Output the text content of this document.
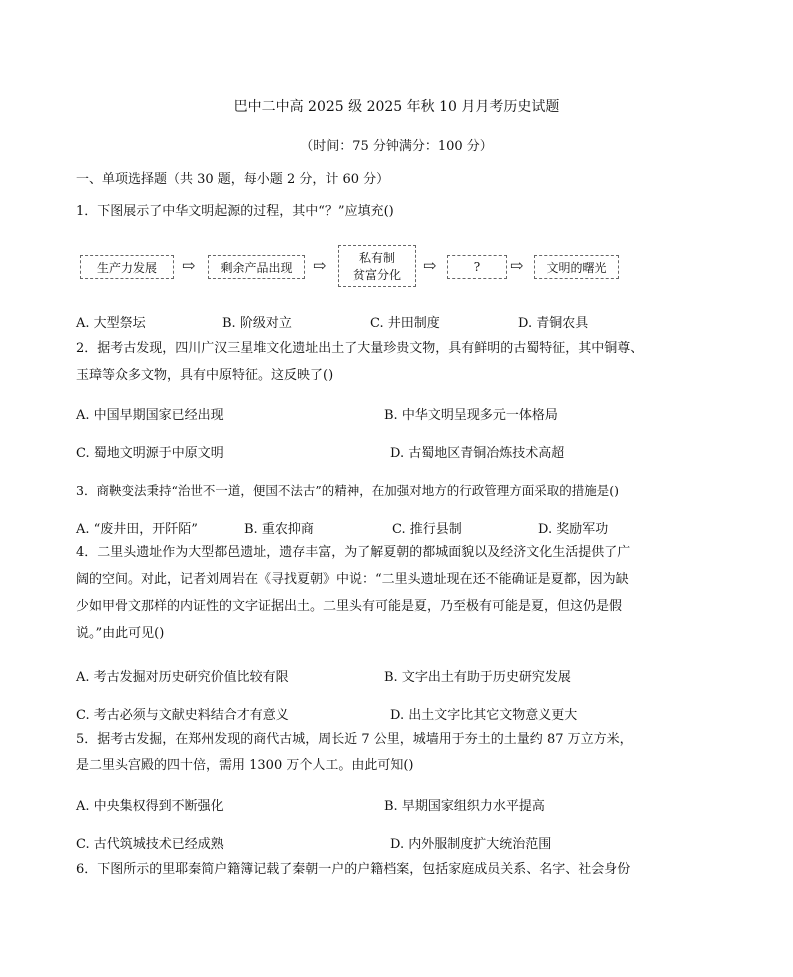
巴中二中高 2025 级 2025 年秋 10 月月考历史试题
（时间：75 分钟满分：100 分）
一、单项选择题（共 30 题，每小题 2 分，计 60 分）
1．下图展示了中华文明起源的过程，其中“？”应填充()
生产力发展	⇨	剩余产品出现	⇨	私有制
贫富分化 ⇨	?	⇨	文明的曙光
A. 大型祭坛	B. 阶级对立	C. 井田制度	D. 青铜农具
2．据考古发现，四川广汉三星堆文化遗址出土了大量珍贵文物，具有鲜明的古蜀特征，其中铜尊、
玉璋等众多文物，具有中原特征。这反映了()
A. 中国早期国家已经出现	B. 中华文明呈现多元一体格局
C. 蜀地文明源于中原文明	D. 古蜀地区青铜冶炼技术高超
3．商鞅变法秉持“治世不一道，便国不法古”的精神，在加强对地方的行政管理方面采取的措施是()
A. “废井田，开阡陌”	B. 重农抑商	C. 推行县制	D. 奖励军功
4．二里头遗址作为大型都邑遗址，遗存丰富，为了解夏朝的都城面貌以及经济文化生活提供了广
阔的空间。对此，记者刘周岩在《寻找夏朝》中说：“二里头遗址现在还不能确证是夏都，因为缺
少如甲骨文那样的内证性的文字证据出土。二里头有可能是夏，乃至极有可能是夏，但这仍是假
说。”由此可见()
A. 考古发掘对历史研究价值比较有限	B. 文字出土有助于历史研究发展
C. 考古必须与文献史料结合才有意义	D. 出土文字比其它文物意义更大
5．据考古发掘，在郑州发现的商代古城，周长近 7 公里，城墙用于夯土的土量约 87 万立方米，
是二里头宫殿的四十倍，需用 1300 万个人工。由此可知()
A. 中央集权得到不断强化	B. 早期国家组织力水平提高
C. 古代筑城技术已经成熟	D. 内外服制度扩大统治范围
6．下图所示的里耶秦简户籍簿记载了秦朝一户的户籍档案，包括家庭成员关系、名字、社会身份
